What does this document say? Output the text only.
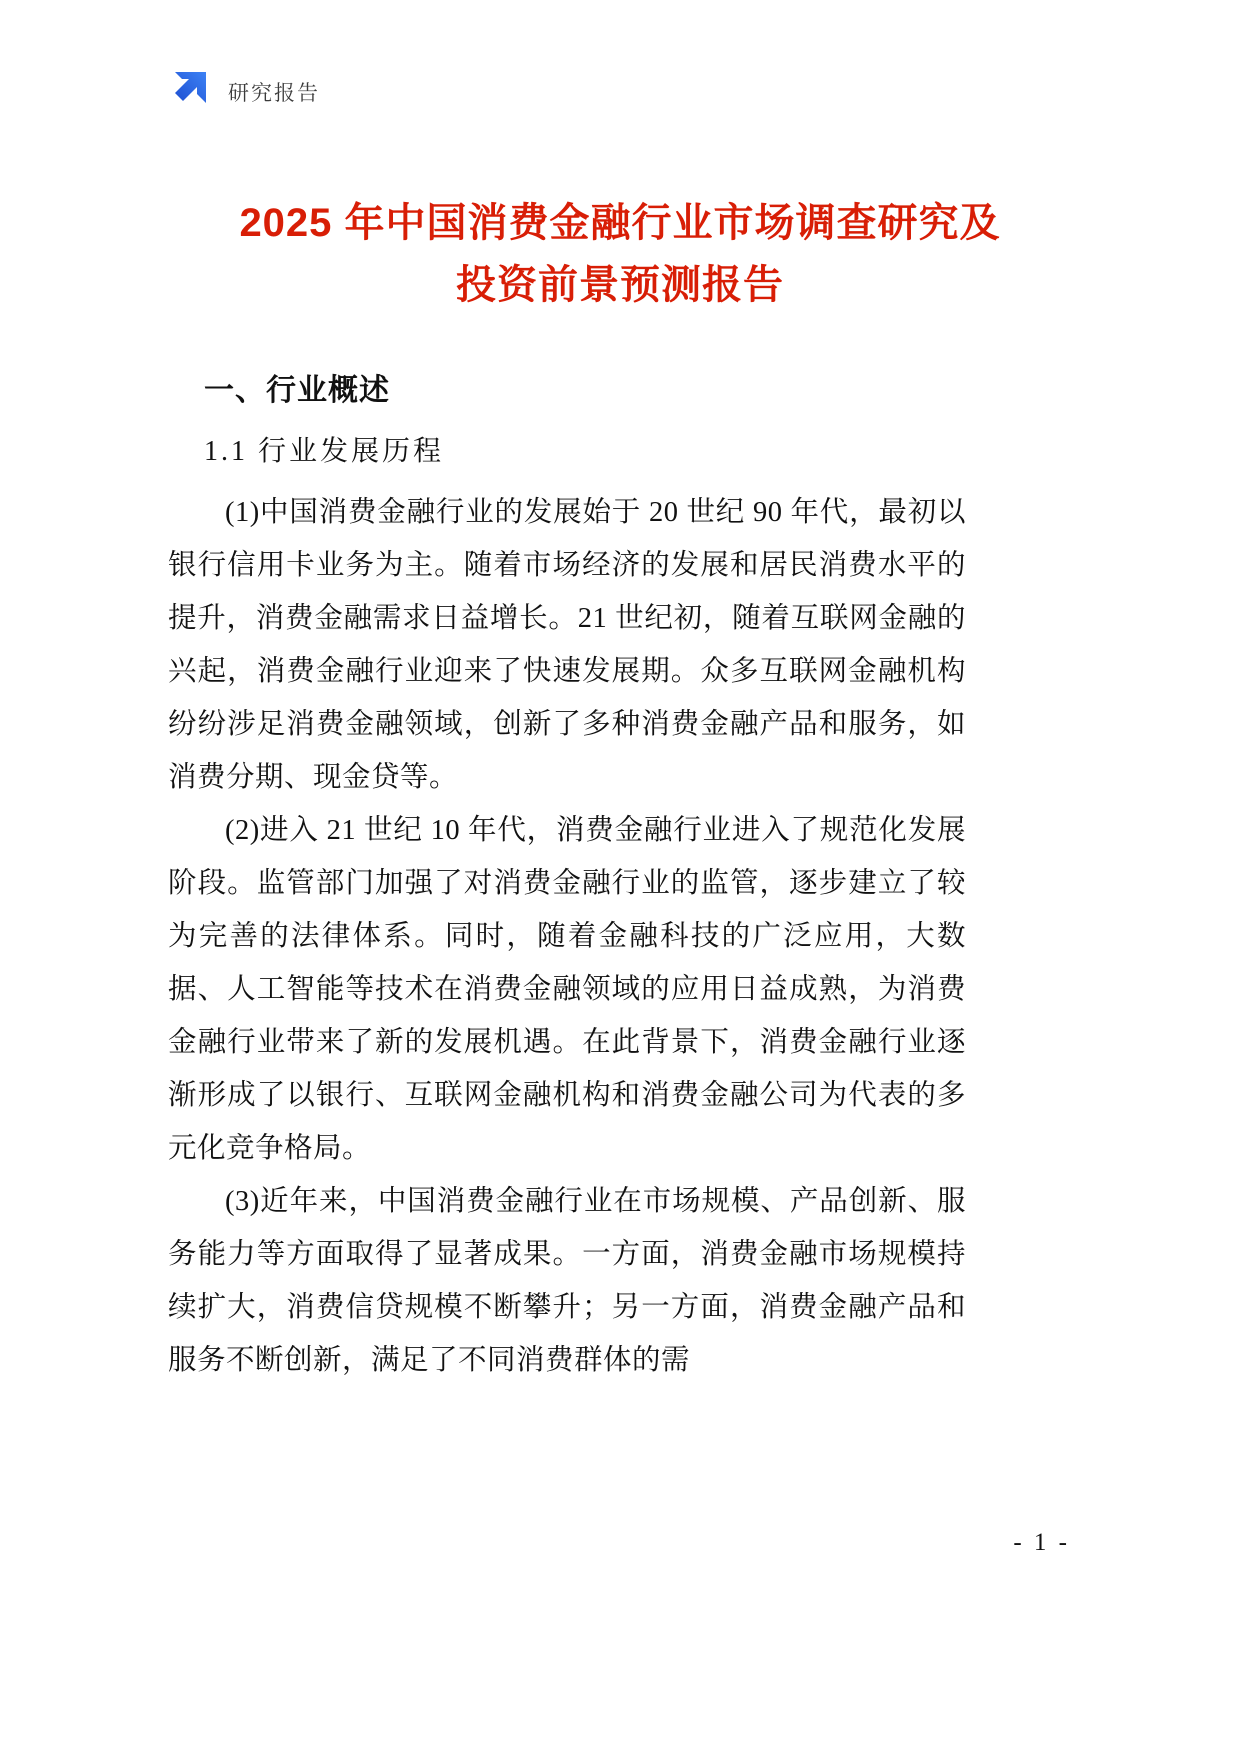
研究报告
2025 年中国消费金融行业市场调查研究及
投资前景预测报告
一、行业概述
1.1 行业发展历程

(1)中国消费金融行业的发展始于 20 世纪 90 年代，最初以银行信用卡业务为主。随着市场经济的发展和居民消费水平的提升，消费金融需求日益增长。21 世纪初，随着互联网金融的兴起，消费金融行业迎来了快速发展期。众多互联网金融机构纷纷涉足消费金融领域，创新了多种消费金融产品和服务，如消费分期、现金贷等。

(2)进入 21 世纪 10 年代，消费金融行业进入了规范化发展阶段。监管部门加强了对消费金融行业的监管，逐步建立了较为完善的法律体系。同时，随着金融科技的广泛应用，大数据、人工智能等技术在消费金融领域的应用日益成熟，为消费金融行业带来了新的发展机遇。在此背景下，消费金融行业逐渐形成了以银行、互联网金融机构和消费金融公司为代表的多元化竞争格局。

(3)近年来，中国消费金融行业在市场规模、产品创新、服务能力等方面取得了显著成果。一方面，消费金融市场规模持续扩大，消费信贷规模不断攀升；另一方面，消费金融产品和服务不断创新，满足了不同消费群体的需

- 1 -
